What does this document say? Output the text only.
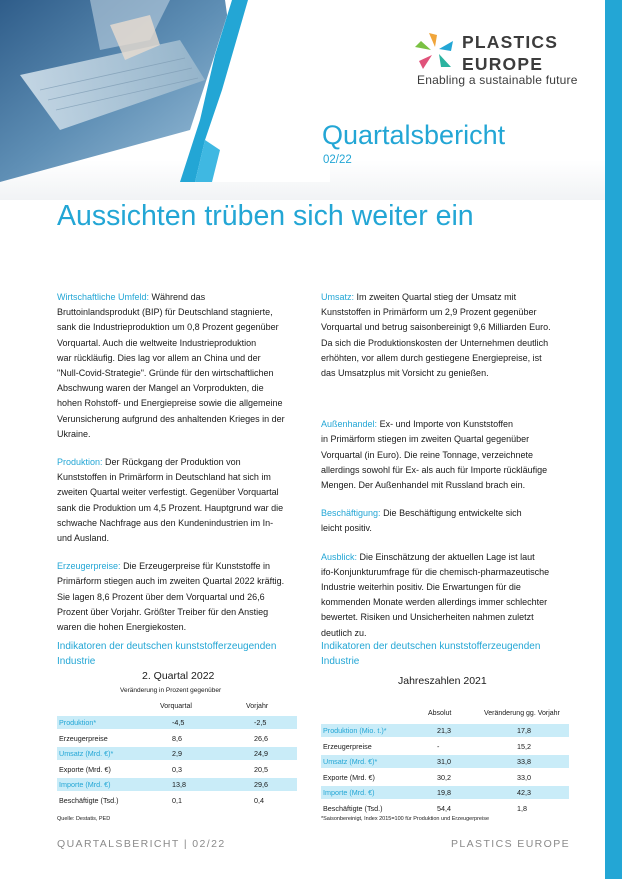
PLASTICS
EUROPE
Enabling a sustainable future
Quartalsbericht
02/22
Aussichten trüben sich weiter ein
Wirtschaftliche Umfeld: Während das
Bruttoinlandsprodukt (BIP) für Deutschland stagnierte,
sank die Industrieproduktion um 0,8 Prozent gegenüber
Vorquartal. Auch die weltweite Industrieproduktion
war rückläufig. Dies lag vor allem an China und der
"Null-Covid-Strategie". Gründe für den wirtschaftlichen
Abschwung waren der Mangel an Vorprodukten, die
hohen Rohstoff- und Energiepreise sowie die allgemeine
Verunsicherung aufgrund des anhaltenden Krieges in der
Ukraine.
Produktion: Der Rückgang der Produktion von
Kunststoffen in Primärform in Deutschland hat sich im
zweiten Quartal weiter verfestigt. Gegenüber Vorquartal
sank die Produktion um 4,5 Prozent. Hauptgrund war die
schwache Nachfrage aus den Kundenindustrien im In-
und Ausland.
Erzeugerpreise: Die Erzeugerpreise für Kunststoffe in
Primärform stiegen auch im zweiten Quartal 2022 kräftig.
Sie lagen 8,6 Prozent über dem Vorquartal und 26,6
Prozent über Vorjahr. Größter Treiber für den Anstieg
waren die hohen Energiekosten.
Umsatz: Im zweiten Quartal stieg der Umsatz mit
Kunststoffen in Primärform um 2,9 Prozent gegenüber
Vorquartal und betrug saisonbereinigt 9,6 Milliarden Euro.
Da sich die Produktionskosten der Unternehmen deutlich
erhöhten, vor allem durch gestiegene Energiepreise, ist
das Umsatzplus mit Vorsicht zu genießen.
Außenhandel: Ex- und Importe von Kunststoffen
in Primärform stiegen im zweiten Quartal gegenüber
Vorquartal (in Euro). Die reine Tonnage, verzeichnete
allerdings sowohl für Ex- als auch für Importe rückläufige
Mengen. Der Außenhandel mit Russland brach ein.
Beschäftigung: Die Beschäftigung entwickelte sich
leicht positiv.
Ausblick: Die Einschätzung der aktuellen Lage ist laut
ifo-Konjunkturumfrage für die chemisch-pharmazeutische
Industrie weiterhin positiv. Die Erwartungen für die
kommenden Monate werden allerdings immer schlechter
bewertet. Risiken und Unsicherheiten nahmen zuletzt
deutlich zu.
Indikatoren der deutschen kunststofferzeugenden
Industrie
Indikatoren der deutschen kunststofferzeugenden
Industrie
2. Quartal 2022
Veränderung in Prozent gegenüber
Vorquartal	Vorjahr
Produktion*	-4,5	-2,5
Erzeugerpreise	8,6	26,6
Umsatz (Mrd. €)*	2,9	24,9
Exporte (Mrd. €)	0,3	20,5
Importe (Mrd. €)	13,8	29,6
Beschäftigte (Tsd.)	0,1	0,4
Quelle: Destatis, PED
Jahreszahlen 2021
Absolut	Veränderung gg. Vorjahr
Produktion (Mio. t.)*	21,3	17,8
Erzeugerpreise	-	15,2
Umsatz (Mrd. €)*	31,0	33,8
Exporte (Mrd. €)	30,2	33,0
Importe (Mrd. €)	19,8	42,3
Beschäftigte (Tsd.)	54,4	1,8
*Saisonbereinigt, Index 2015=100 für Produktion und Erzeugerpreise
QUARTALSBERICHT | 02/22	PLASTICS EUROPE
